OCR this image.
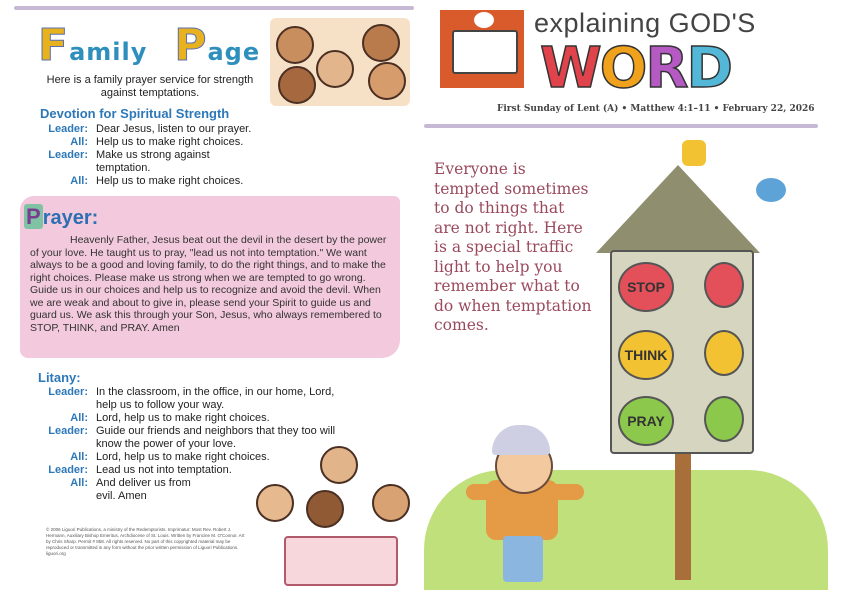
Family Page
Here is a family prayer service for strength against temptations.
Devotion for Spiritual Strength
Leader: Dear Jesus, listen to our prayer.
All: Help us to make right choices.
Leader: Make us strong against temptation.
All: Help us to make right choices.
P rayer:
Heavenly Father, Jesus beat out the devil in the desert by the power of your love. He taught us to pray, "lead us not into temptation." We want always to be a good and loving family, to do the right things, and to make the right choices. Please make us strong when we are tempted to go wrong. Guide us in our choices and help us to recognize and avoid the devil. When we are weak and about to give in, please send your Spirit to guide us and guard us. We ask this through your Son, Jesus, who always remembered to STOP, THINK, and PRAY. Amen
Litany:
Leader: In the classroom, in the office, in our home, Lord, help us to follow your way.
All: Lord, help us to make right choices.
Leader: Guide our friends and neighbors that they too will know the power of your love.
All: Lord, help us to make right choices.
Leader: Lead us not into temptation.
All: And deliver us from evil. Amen
© 2006 Liguori Publications, a ministry of the Redemptorists. Imprimatur: Most Rev. Robert J. Hermann, Auxiliary Bishop Emeritus, Archdiocese of St. Louis. Written by Francine M. O'Connor. Art by Chris Sharp. Permit # 858. All rights reserved. No part of this copyrighted material may be reproduced or transmitted in any form without the prior written permission of Liguori Publications. liguori.org
explaining GOD'S
WORD
First Sunday of Lent (A) • Matthew 4:1–11 • February 22, 2026
Everyone is tempted sometimes to do things that are not right. Here is a special traffic light to help you remember what to do when temptation comes.
STOP
THINK
PRAY
